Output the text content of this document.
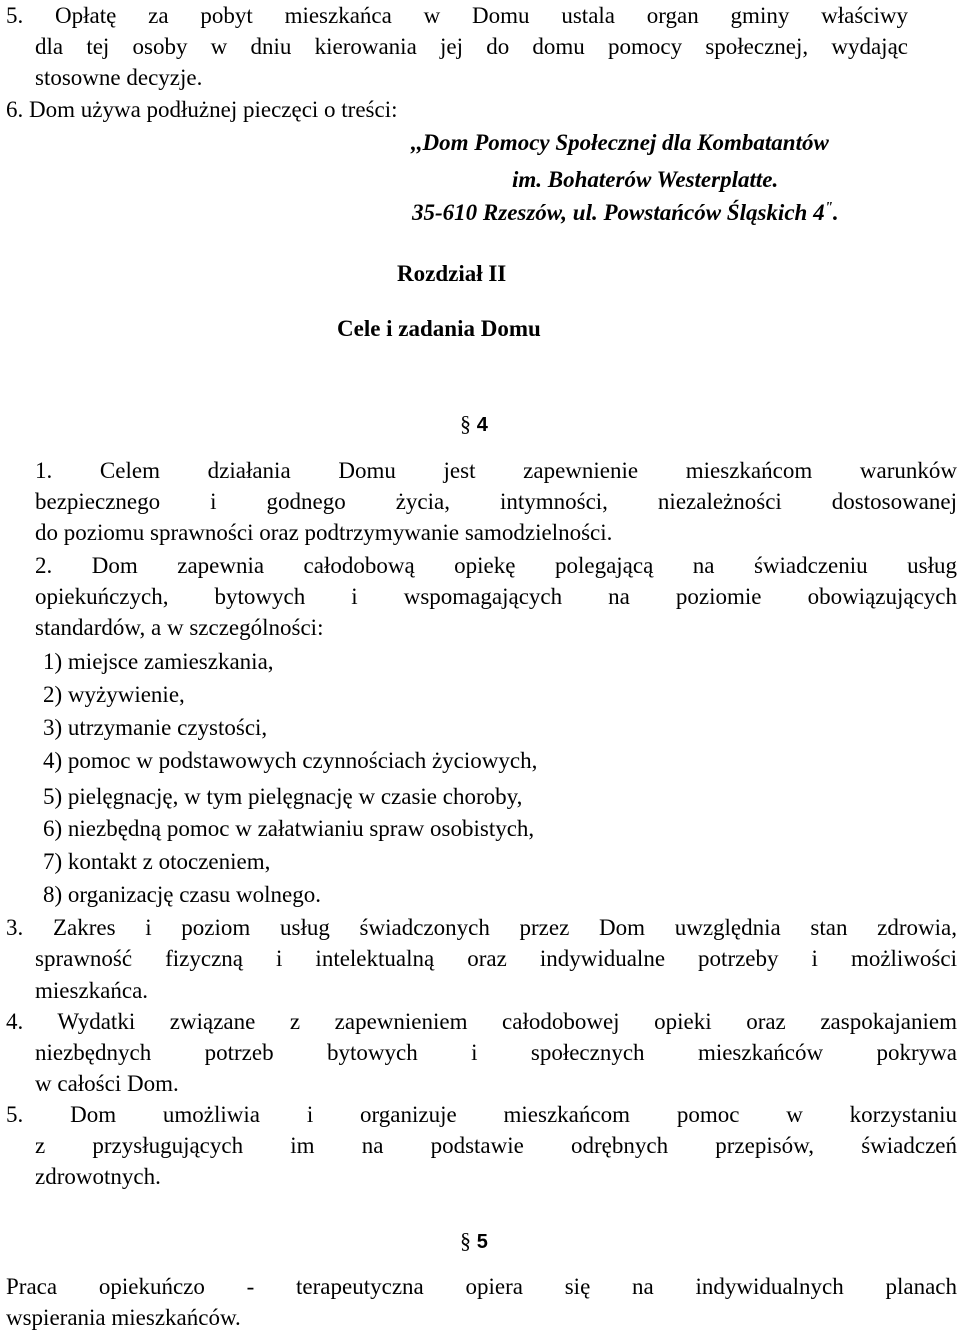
5. Opłatę za pobyt mieszkańca w Domu ustala organ gminy właściwy
dla tej osoby w dniu kierowania jej do domu pomocy społecznej, wydając
stosowne decyzje.
6. Dom używa podłużnej pieczęci o treści:
,,Dom Pomocy Społecznej dla Kombatantów
im. Bohaterów Westerplatte.
35-610 Rzeszów, ul. Powstańców Śląskich 4".
Rozdział II
Cele i zadania Domu
§ 4
1. Celem działania Domu jest zapewnienie mieszkańcom warunków
bezpiecznego i godnego życia, intymności, niezależności dostosowanej
do poziomu sprawności oraz podtrzymywanie samodzielności.
2. Dom zapewnia całodobową opiekę polegającą na świadczeniu usług
opiekuńczych, bytowych i wspomagających na poziomie obowiązujących
standardów, a w szczególności:
1) miejsce zamieszkania,
2) wyżywienie,
3) utrzymanie czystości,
4) pomoc w podstawowych czynnościach życiowych,
5) pielęgnację, w tym pielęgnację w czasie choroby,
6) niezbędną pomoc w załatwianiu spraw osobistych,
7) kontakt z otoczeniem,
8) organizację czasu wolnego.
3. Zakres i poziom usług świadczonych przez Dom uwzględnia stan zdrowia,
sprawność fizyczną i intelektualną oraz indywidualne potrzeby i możliwości
mieszkańca.
4. Wydatki związane z zapewnieniem całodobowej opieki oraz zaspokajaniem
niezbędnych potrzeb bytowych i społecznych mieszkańców pokrywa
w całości Dom.
5. Dom umożliwia i organizuje mieszkańcom pomoc w korzystaniu
z przysługujących im na podstawie odrębnych przepisów, świadczeń
zdrowotnych.
§ 5
Praca opiekuńczo - terapeutyczna opiera się na indywidualnych planach
wspierania mieszkańców.
